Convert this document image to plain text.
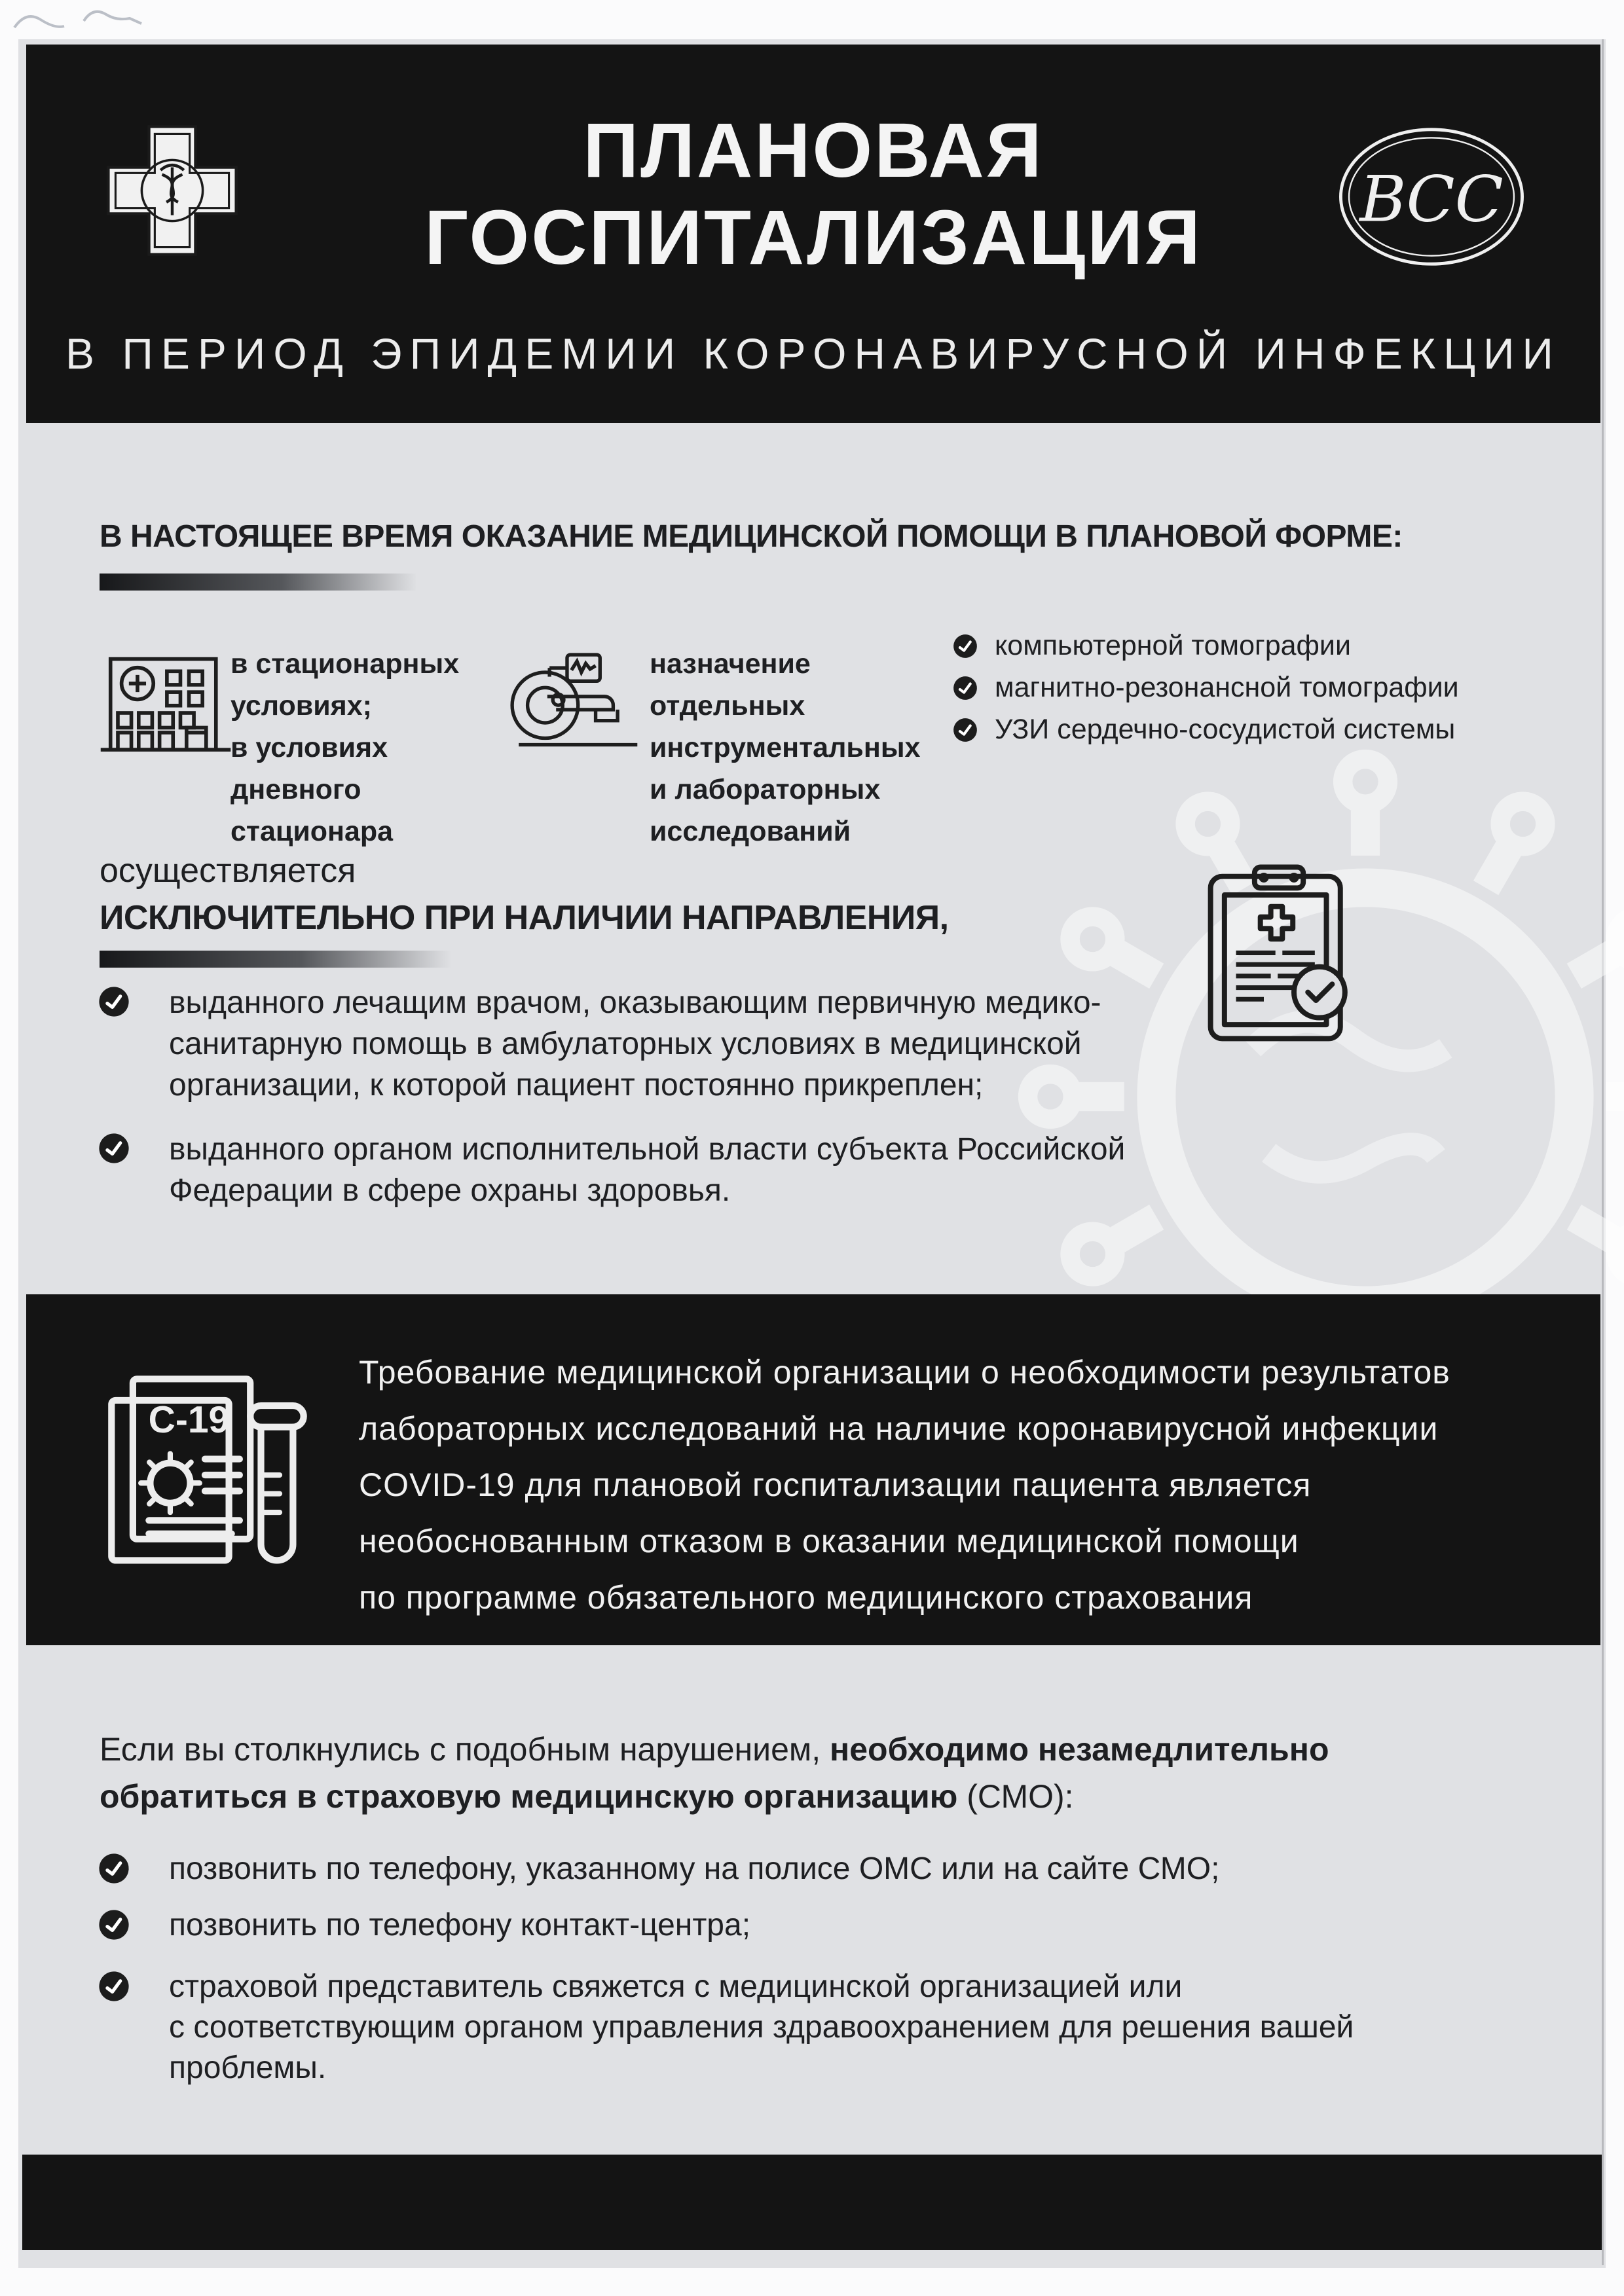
ПЛАНОВАЯ
ГОСПИТАЛИЗАЦИЯ
В ПЕРИОД ЭПИДЕМИИ КОРОНАВИРУСНОЙ ИНФЕКЦИИ
ВСС
В НАСТОЯЩЕЕ ВРЕМЯ ОКАЗАНИЕ МЕДИЦИНСКОЙ ПОМОЩИ В ПЛАНОВОЙ ФОРМЕ:
в стационарных
условиях;
в условиях
дневного
стационара
назначение
отдельных
инструментальных
и лабораторных
исследований
компьютерной томографии
магнитно-резонансной томографии
УЗИ сердечно-сосудистой системы
осуществляется
ИСКЛЮЧИТЕЛЬНО ПРИ НАЛИЧИИ НАПРАВЛЕНИЯ,
выданного лечащим врачом, оказывающим первичную медико-
санитарную помощь в амбулаторных условиях в медицинской
организации, к которой пациент постоянно прикреплен;
выданного органом исполнительной власти субъекта Российской
Федерации в сфере охраны здоровья.
C-19
Требование медицинской организации о необходимости результатов
лабораторных исследований на наличие коронавирусной инфекции
COVID-19 для плановой госпитализации пациента является
необоснованным отказом в оказании медицинской помощи
по программе обязательного медицинского страхования
Если вы столкнулись с подобным нарушением, необходимо незамедлительно
обратиться в страховую медицинскую организацию (СМО):
позвонить по телефону, указанному на полисе ОМС или на сайте СМО;
позвонить по телефону контакт-центра;
страховой представитель свяжется с медицинской организацией или
с соответствующим органом управления здравоохранением для решения вашей
проблемы.
